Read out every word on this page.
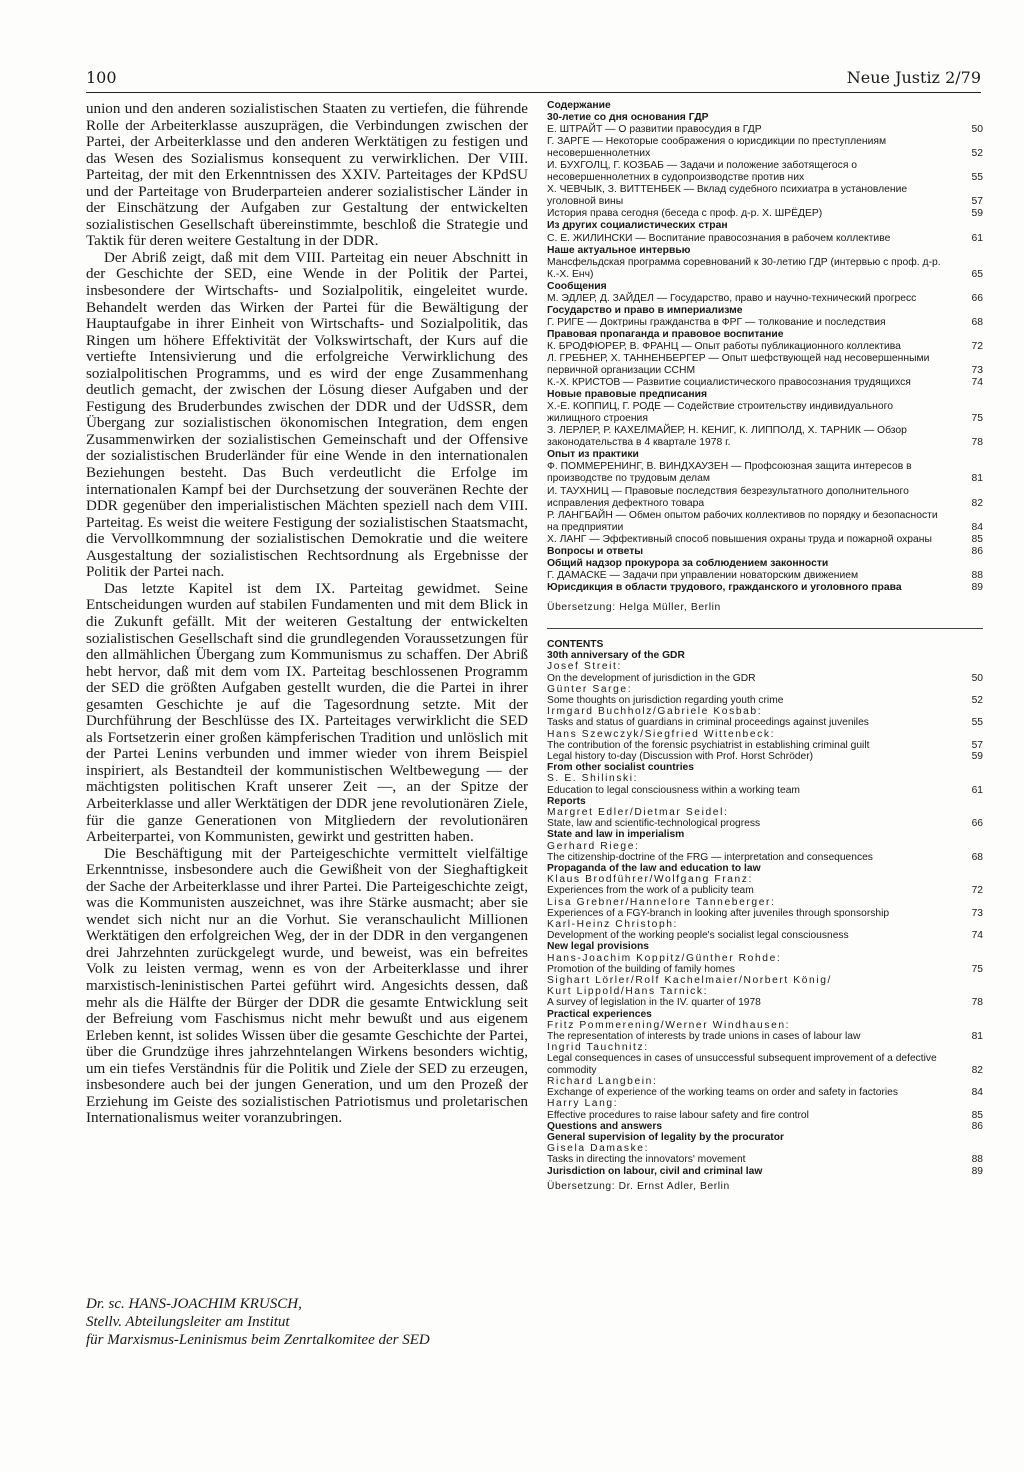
100	Neue Justiz 2/79

union und den anderen sozialistischen Staaten zu vertiefen, die führende Rolle der Arbeiterklasse auszuprägen, die Verbindungen zwischen der Partei, der Arbeiterklasse und den anderen Werktätigen zu festigen und das Wesen des Sozialismus konsequent zu verwirklichen. Der VIII. Parteitag, der mit den Erkenntnissen des XXIV. Parteitages der KPdSU und der Parteitage von Bruderparteien anderer sozialistischer Länder in der Einschätzung der Aufgaben zur Gestaltung der entwickelten sozialistischen Gesellschaft übereinstimmte, beschloß die Strategie und Taktik für deren weitere Gestaltung in der DDR.

Der Abriß zeigt, daß mit dem VIII. Parteitag ein neuer Abschnitt in der Geschichte der SED, eine Wende in der Politik der Partei, insbesondere der Wirtschafts- und Sozialpolitik, eingeleitet wurde. Behandelt werden das Wirken der Partei für die Bewältigung der Hauptaufgabe in ihrer Einheit von Wirtschafts- und Sozialpolitik, das Ringen um höhere Effektivität der Volkswirtschaft, der Kurs auf die vertiefte Intensivierung und die erfolgreiche Verwirklichung des sozialpolitischen Programms, und es wird der enge Zusammenhang deutlich gemacht, der zwischen der Lösung dieser Aufgaben und der Festigung des Bruderbundes zwischen der DDR und der UdSSR, dem Übergang zur sozialistischen ökonomischen Integration, dem engen Zusammenwirken der sozialistischen Gemeinschaft und der Offensive der sozialistischen Bruderländer für eine Wende in den internationalen Beziehungen besteht. Das Buch verdeutlicht die Erfolge im internationalen Kampf bei der Durchsetzung der souveränen Rechte der DDR gegenüber den imperialistischen Mächten speziell nach dem VIII. Parteitag. Es weist die weitere Festigung der sozialistischen Staatsmacht, die Vervollkommnung der sozialistischen Demokratie und die weitere Ausgestaltung der sozialistischen Rechtsordnung als Ergebnisse der Politik der Partei nach.

Das letzte Kapitel ist dem IX. Parteitag gewidmet. Seine Entscheidungen wurden auf stabilen Fundamenten und mit dem Blick in die Zukunft gefällt. Mit der weiteren Gestaltung der entwickelten sozialistischen Gesellschaft sind die grundlegenden Voraussetzungen für den allmählichen Übergang zum Kommunismus zu schaffen. Der Abriß hebt hervor, daß mit dem vom IX. Parteitag beschlossenen Programm der SED die größten Aufgaben gestellt wurden, die die Partei in ihrer gesamten Geschichte je auf die Tagesordnung setzte. Mit der Durchführung der Beschlüsse des IX. Parteitages verwirklicht die SED als Fortsetzerin einer großen kämpferischen Tradition und unlöslich mit der Partei Lenins verbunden und immer wieder von ihrem Beispiel inspiriert, als Bestandteil der kommunistischen Weltbewegung — der mächtigsten politischen Kraft unserer Zeit —, an der Spitze der Arbeiterklasse und aller Werktätigen der DDR jene revolutionären Ziele, für die ganze Generationen von Mitgliedern der revolutionären Arbeiterpartei, von Kommunisten, gewirkt und gestritten haben.

Die Beschäftigung mit der Parteigeschichte vermittelt vielfältige Erkenntnisse, insbesondere auch die Gewißheit von der Sieghaftigkeit der Sache der Arbeiterklasse und ihrer Partei. Die Parteigeschichte zeigt, was die Kommunisten auszeichnet, was ihre Stärke ausmacht; aber sie wendet sich nicht nur an die Vorhut. Sie veranschaulicht Millionen Werktätigen den erfolgreichen Weg, der in der DDR in den vergangenen drei Jahrzehnten zurückgelegt wurde, und beweist, was ein befreites Volk zu leisten vermag, wenn es von der Arbeiterklasse und ihrer marxistisch-leninistischen Partei geführt wird. Angesichts dessen, daß mehr als die Hälfte der Bürger der DDR die gesamte Entwicklung seit der Befreiung vom Faschismus nicht mehr bewußt und aus eigenem Erleben kennt, ist solides Wissen über die gesamte Geschichte der Partei, über die Grundzüge ihres jahrzehntelangen Wirkens besonders wichtig, um ein tiefes Verständnis für die Politik und Ziele der SED zu erzeugen, insbesondere auch bei der jungen Generation, und um den Prozeß der Erziehung im Geiste des sozialistischen Patriotismus und proletarischen Internationalismus weiter voranzubringen.

Dr. sc. HANS-JOACHIM KRUSCH,
Stellv. Abteilungsleiter am Institut
für Marxismus-Leninismus beim Zenrtalkomitee der SED
Содержание
30-летие со дня основания ГДР
Е. ШТРАЙТ — О развитии правосудия в ГДР	50
Г. ЗАРГЕ — Некоторые соображения о юрисдикции по преступлениям несовершеннолетних	52
И. БУХГОЛЦ, Г. КОЗБАБ — Задачи и положение заботящегося о несовершеннолетних в судопроизводстве против них	55
Х. ЧЕВЧЫК, З. ВИТТЕНБЕК — Вклад судебного психиатра в установление уголовной вины	57
История права сегодня (беседа с проф. д-р. Х. ШРЁДЕР)	59
Из других социалистических стран
С. Е. ЖИЛИНСКИ — Воспитание правосознания в рабочем коллективе	61
Наше актуальное интервью
Мансфельдская программа соревнований к 30-летию ГДР (интервью с проф. д-р. К.-Х. Енч)	65
Сообщения
М. ЭДЛЕР, Д. ЗАЙДЕЛ — Государство, право и научно-технический прогресс	66
Государство и право в империализме
Г. РИГЕ — Доктрины гражданства в ФРГ — толкование и последствия	68
Правовая пропаганда и правовое воспитание
К. БРОДФЮРЕР, В. ФРАНЦ — Опыт работы публикационного коллектива	72
Л. ГРЕБНЕР, Х. ТАННЕНБЕРГЕР — Опыт шефствующей над несовершенными первичной организации ССНМ	73
К.-Х. КРИСТОВ — Развитие социалистического правосознания трудящихся	74
Новые правовые предписания
Х.-Е. КОППИЦ, Г. РОДЕ — Содействие строительству индивидуального жилищного строения	75
З. ЛЕРЛЕР, Р. КАХЕЛМАЙЕР, Н. КЕНИГ, К. ЛИППОЛД, Х. ТАРНИК — Обзор законодательства в 4 квартале 1978 г.	78
Опыт из практики
Ф. ПОММЕРЕНИНГ, В. ВИНДХАУЗЕН — Профсоюзная защита интересов в производстве по трудовым делам	81
И. ТАУХНИЦ — Правовые последствия безрезультатного дополнительного исправления дефектного товара	82
Р. ЛАНГБАЙН — Обмен опытом рабочих коллективов по порядку и безопасности на предприятии	84
Х. ЛАНГ — Эффективный способ повышения охраны труда и пожарной охраны	85
Вопросы и ответы	86
Общий надзор прокурора за соблюдением законности
Г. ДАМАСКЕ — Задачи при управлении новаторским движением	88
Юрисдикция в области трудового, гражданского и уголовного права	89
Übersetzung: Helga Müller, Berlin
CONTENTS
30th anniversary of the GDR
Josef Streit:
On the development of jurisdiction in the GDR	50
Günter Sarge:
Some thoughts on jurisdiction regarding youth crime	52
Irmgard Buchholz/Gabriele Kosbab:
Tasks and status of guardians in criminal proceedings against juveniles	55
Hans Szewczyk/Siegfried Wittenbeck:
The contribution of the forensic psychiatrist in establishing criminal guilt	57
Legal history to-day (Discussion with Prof. Horst Schröder)	59
From other socialist countries
S. E. Shilinski:
Education to legal consciousness within a working team	61
Reports
Margret Edler/Dietmar Seidel:
State, law and scientific-technological progress	66
State and law in imperialism
Gerhard Riege:
The citizenship-doctrine of the FRG — interpretation and consequences	68
Propaganda of the law and education to law
Klaus Brodführer/Wolfgang Franz:
Experiences from the work of a publicity team	72
Lisa Grebner/Hannelore Tanneberger:
Experiences of a FGY-branch in looking after juveniles through sponsorship	73
Karl-Heinz Christoph:
Development of the working people's socialist legal consciousness	74
New legal provisions
Hans-Joachim Koppitz/Günther Rohde:
Promotion of the building of family homes	75
Sighart Lörler/Rolf Kachelmaier/Norbert König/
Kurt Lippold/Hans Tarnick:
A survey of legislation in the IV. quarter of 1978	78
Practical experiences
Fritz Pommerening/Werner Windhausen:
The representation of interests by trade unions in cases of labour law	81
Ingrid Tauchnitz:
Legal consequences in cases of unsuccessful subsequent improvement of a defective commodity	82
Richard Langbein:
Exchange of experience of the working teams on order and safety in factories	84
Harry Lang:
Effective procedures to raise labour safety and fire control	85
Questions and answers	86
General supervision of legality by the procurator
Gisela Damaske:
Tasks in directing the innovators' movement	88
Jurisdiction on labour, civil and criminal law	89
Übersetzung: Dr. Ernst Adler, Berlin
